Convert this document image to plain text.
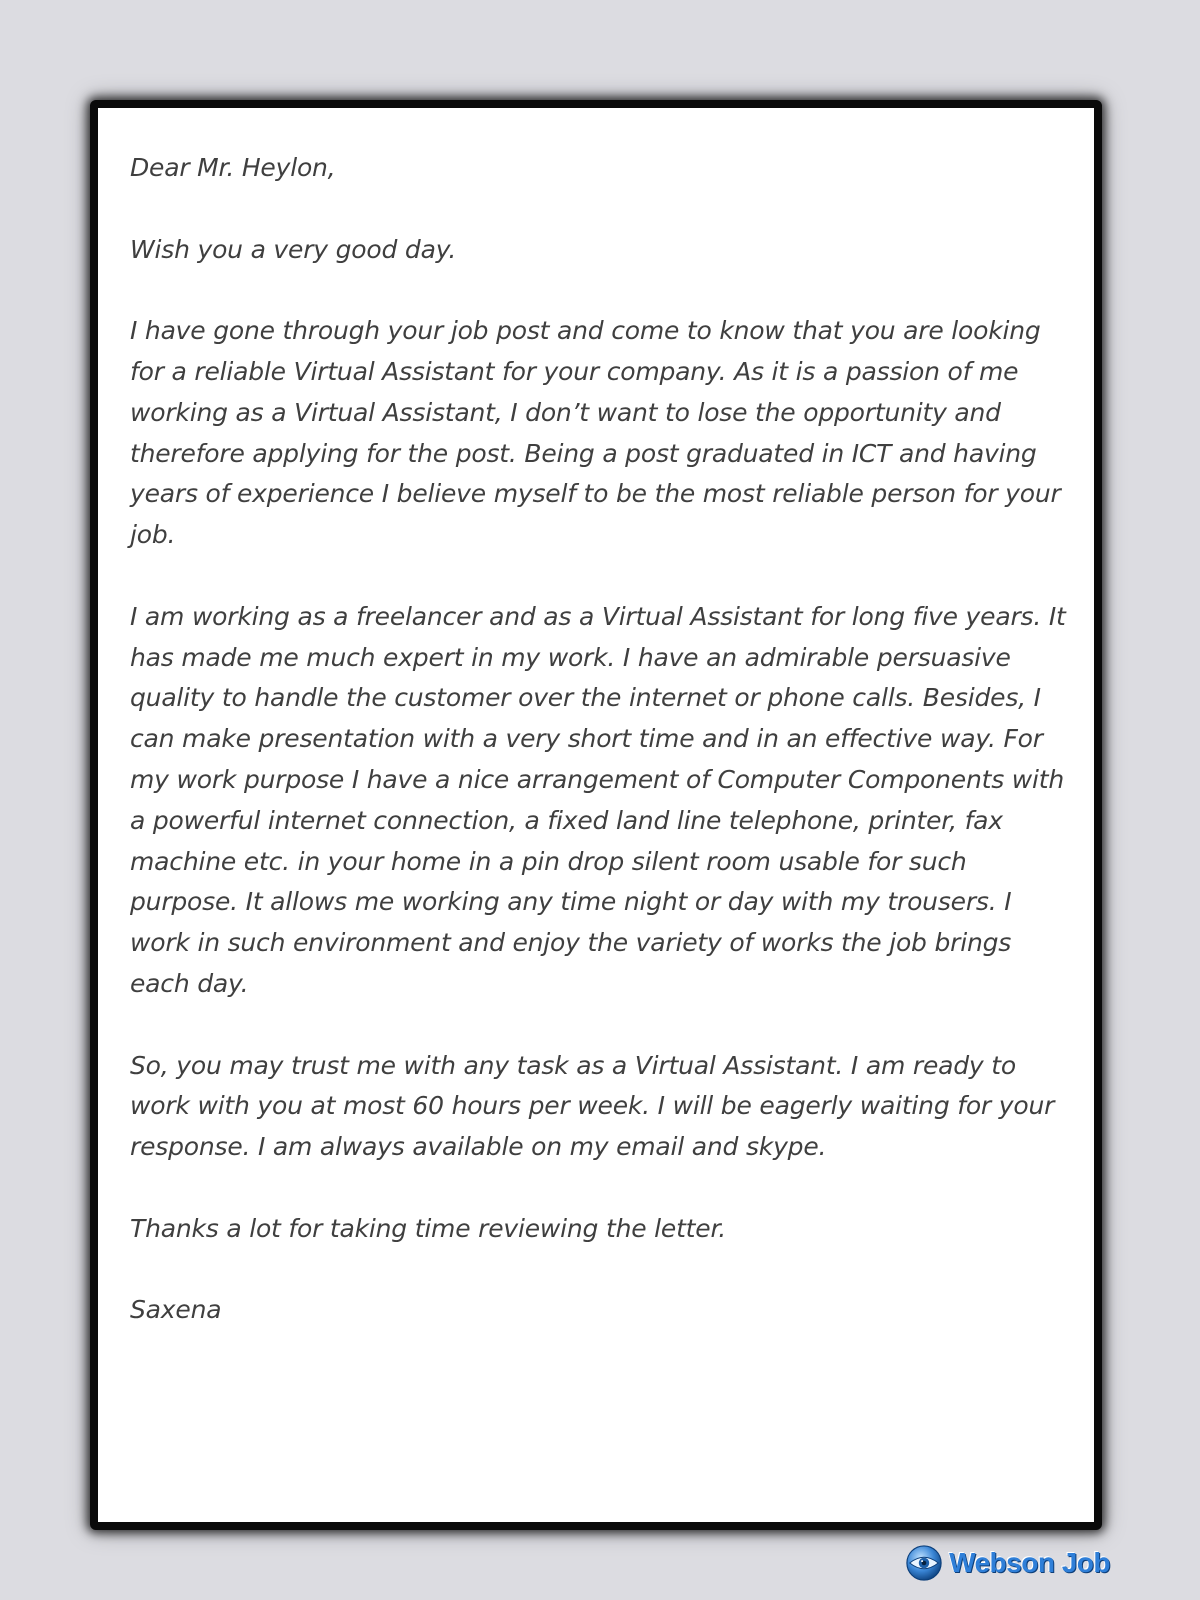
Dear Mr. Heylon,

Wish you a very good day.

I have gone through your job post and come to know that you are looking for a reliable Virtual Assistant for your company. As it is a passion of me working as a Virtual Assistant, I don’t want to lose the opportunity and therefore applying for the post. Being a post graduated in ICT and having years of experience I believe myself to be the most reliable person for your job.

I am working as a freelancer and as a Virtual Assistant for long five years. It has made me much expert in my work. I have an admirable persuasive quality to handle the customer over the internet or phone calls. Besides, I can make presentation with a very short time and in an effective way. For my work purpose I have a nice arrangement of Computer Components with a powerful internet connection, a fixed land line telephone, printer, fax machine etc. in your home in a pin drop silent room usable for such purpose. It allows me working any time night or day with my trousers. I work in such environment and enjoy the variety of works the job brings each day.

So, you may trust me with any task as a Virtual Assistant. I am ready to work with you at most 60 hours per week. I will be eagerly waiting for your response. I am always available on my email and skype.

Thanks a lot for taking time reviewing the letter.

Saxena

Webson Job
